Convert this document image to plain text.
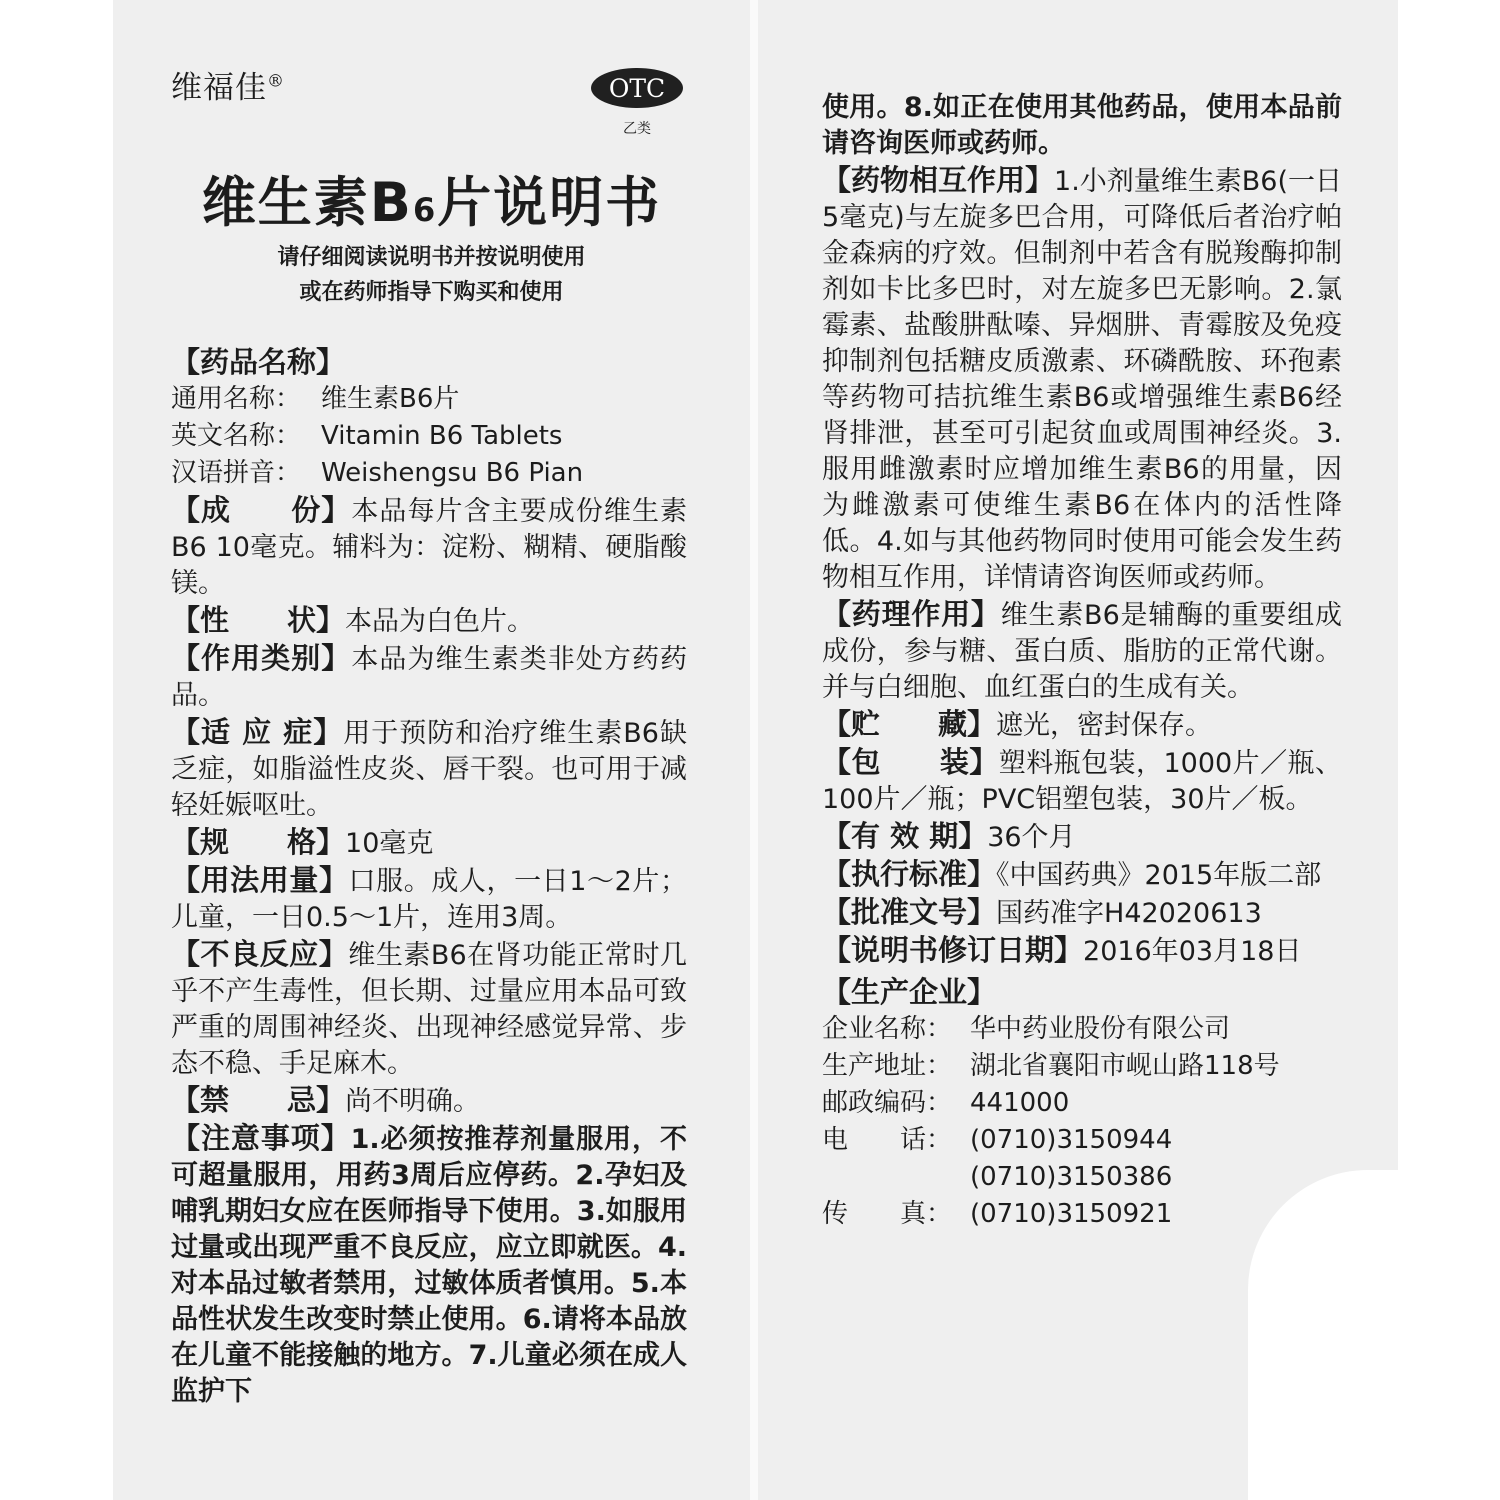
维福佳®	OTC
乙类
维生素B6片说明书
请仔细阅读说明书并按说明使用
或在药师指导下购买和使用
【药品名称】
通用名称： 维生素B6片
英文名称： Vitamin B6 Tablets
汉语拼音： Weishengsu B6 Pian
【成　　份】本品每片含主要成份维生素B6 10毫克。辅料为：淀粉、糊精、硬脂酸镁。
【性　　状】本品为白色片。
【作用类别】本品为维生素类非处方药药品。
【适 应 症】用于预防和治疗维生素B6缺乏症，如脂溢性皮炎、唇干裂。也可用于减轻妊娠呕吐。
【规　　格】10毫克
【用法用量】口服。成人，一日1～2片；儿童，一日0.5～1片，连用3周。
【不良反应】维生素B6在肾功能正常时几乎不产生毒性，但长期、过量应用本品可致严重的周围神经炎、出现神经感觉异常、步态不稳、手足麻木。
【禁　　忌】尚不明确。
【注意事项】1.必须按推荐剂量服用，不可超量服用，用药3周后应停药。2.孕妇及哺乳期妇女应在医师指导下使用。3.如服用过量或出现严重不良反应，应立即就医。4.对本品过敏者禁用，过敏体质者慎用。5.本品性状发生改变时禁止使用。6.请将本品放在儿童不能接触的地方。7.儿童必须在成人监护下
使用。8.如正在使用其他药品，使用本品前请咨询医师或药师。
【药物相互作用】1.小剂量维生素B6(一日5毫克)与左旋多巴合用，可降低后者治疗帕金森病的疗效。但制剂中若含有脱羧酶抑制剂如卡比多巴时，对左旋多巴无影响。2.氯霉素、盐酸肼酞嗪、异烟肼、青霉胺及免疫抑制剂包括糖皮质激素、环磷酰胺、环孢素等药物可拮抗维生素B6或增强维生素B6经肾排泄，甚至可引起贫血或周围神经炎。3.服用雌激素时应增加维生素B6的用量，因为雌激素可使维生素B6在体内的活性降低。4.如与其他药物同时使用可能会发生药物相互作用，详情请咨询医师或药师。
【药理作用】维生素B6是辅酶的重要组成成份，参与糖、蛋白质、脂肪的正常代谢。并与白细胞、血红蛋白的生成有关。
【贮　　藏】遮光，密封保存。
【包　　装】塑料瓶包装，1000片／瓶、100片／瓶；PVC铝塑包装，30片／板。
【有 效 期】36个月
【执行标准】《中国药典》2015年版二部
【批准文号】国药准字H42020613
【说明书修订日期】2016年03月18日
【生产企业】
企业名称： 华中药业股份有限公司
生产地址： 湖北省襄阳市岘山路118号
邮政编码： 441000
电　　话： (0710)3150944
(0710)3150386
传　　真： (0710)3150921
